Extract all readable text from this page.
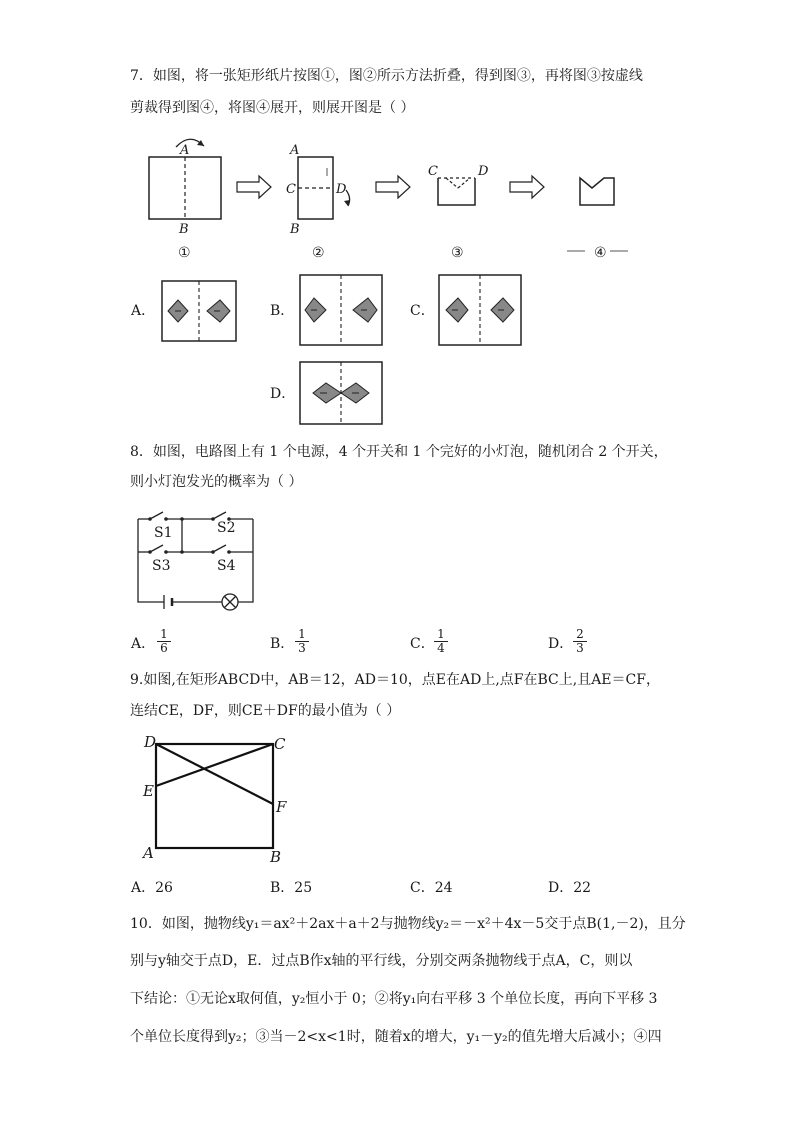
7．如图，将一张矩形纸片按图①，图②所示方法折叠，得到图③，再将图③按虚线
剪裁得到图④，将图④展开，则展开图是（ ）
A
B
A
C	D
B
C	D
①	②	③	④
A．	B．	C．
D．
8．如图，电路图上有 1 个电源，4 个开关和 1 个完好的小灯泡，随机闭合 2 个开关，
则小灯泡发光的概率为（ ）
S1	S2
S3	S4
A． $\frac{1}{6}$	B． $\frac{1}{3}$	C． $\frac{1}{4}$	D． $\frac{2}{3}$
9.如图,在矩形ABCD中，AB＝12，AD＝10，点E在AD上,点F在BC上,且AE＝CF，
连结CE，DF，则CE＋DF的最小值为（ ）
D	C
E
F
A	B
A．26	B．25	C．24	D．22
10．如图，抛物线y₁＝ax²＋2ax＋a＋2与抛物线y₂＝－x²＋4x－5交于点B(1,－2)，且分
别与y轴交于点D，E．过点B作x轴的平行线，分别交两条抛物线于点A，C，则以
下结论：①无论x取何值，y₂恒小于 0；②将y₁向右平移 3 个单位长度，再向下平移 3
个单位长度得到y₂；③当－2<x<1时，随着x的增大，y₁－y₂的值先增大后减小；④四
